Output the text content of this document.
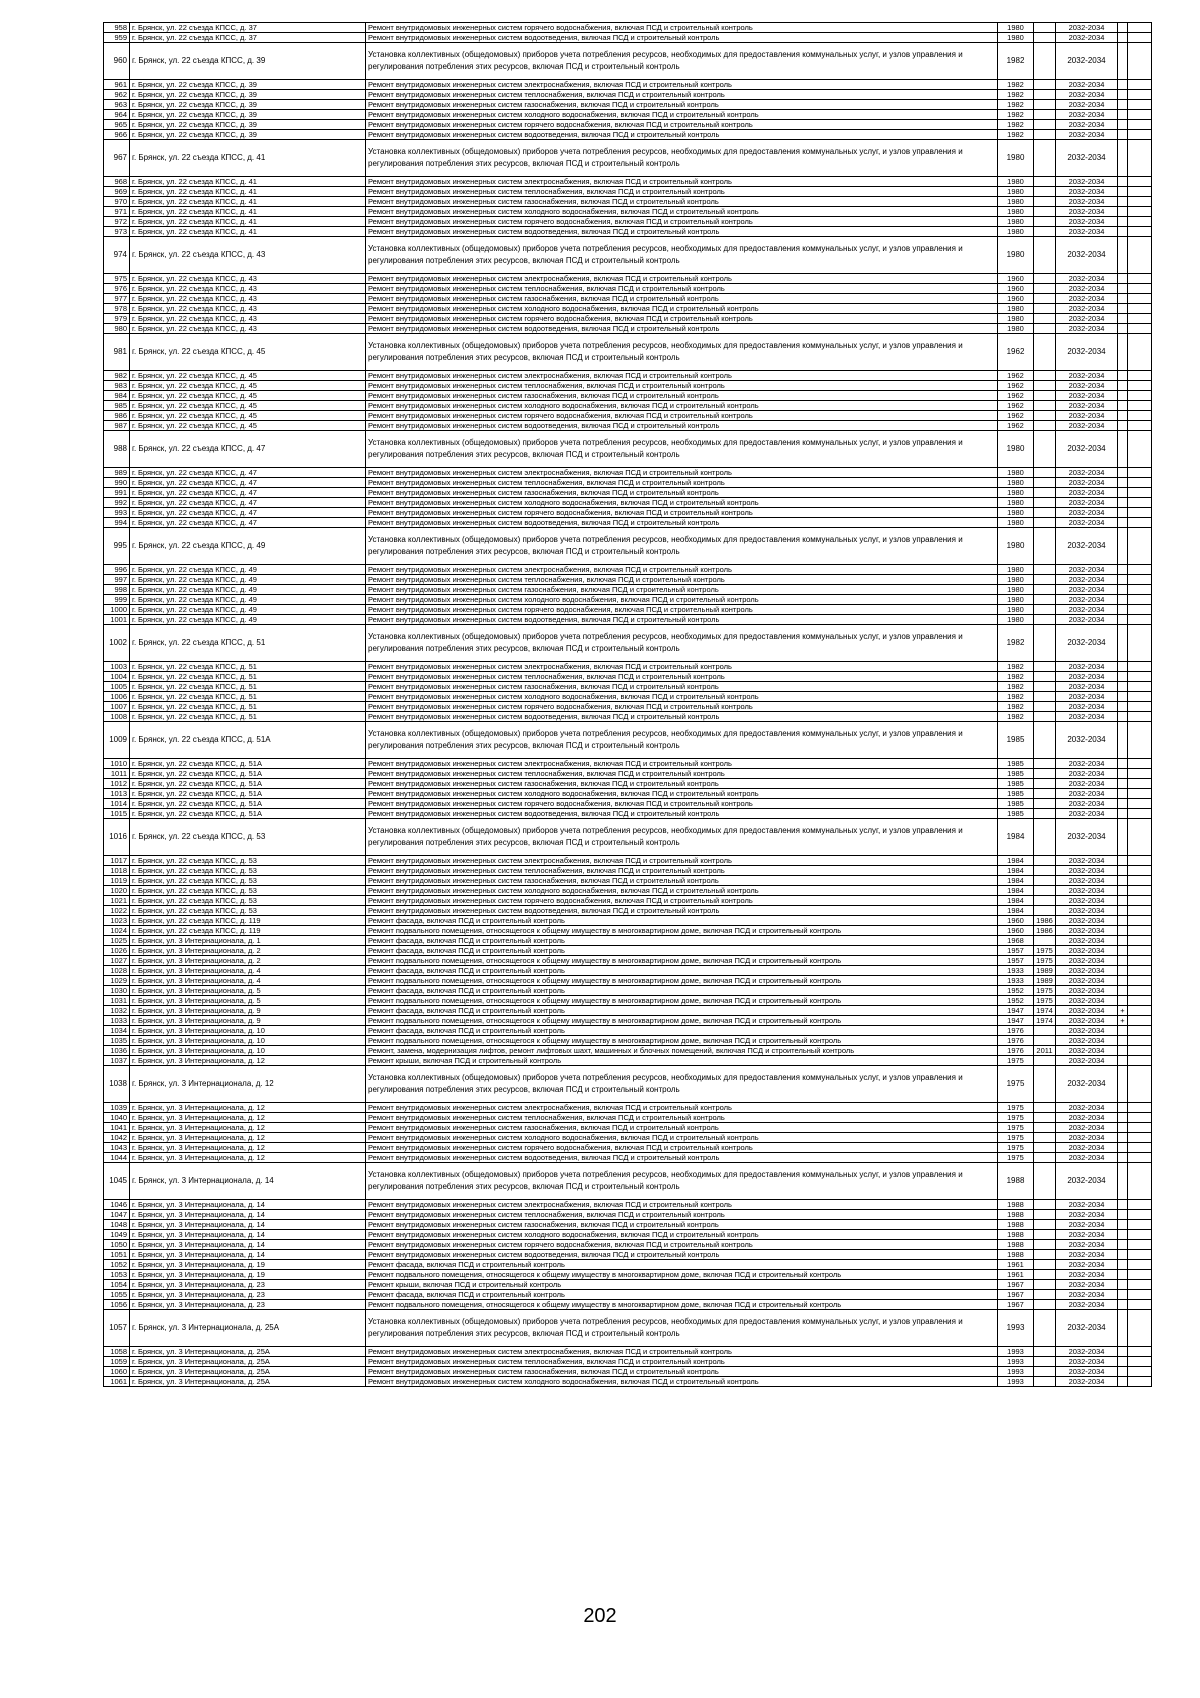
958	г. Брянск, ул. 22 съезда КПСС, д. 37	Ремонт внутридомовых инженерных систем горячего водоснабжения, включая ПСД и строительный контроль	1980		2032-2034		
959	г. Брянск, ул. 22 съезда КПСС, д. 37	Ремонт внутридомовых инженерных систем водоотведения, включая ПСД и строительный контроль	1980		2032-2034		
960	г. Брянск, ул. 22 съезда КПСС, д. 39	Установка коллективных (общедомовых) приборов учета потребления ресурсов, необходимых для предоставления коммунальных услуг, и узлов управления и регулирования потребления этих ресурсов, включая ПСД и строительный контроль	1982		2032-2034		
961	г. Брянск, ул. 22 съезда КПСС, д. 39	Ремонт внутридомовых инженерных систем электроснабжения, включая ПСД и строительный контроль	1982		2032-2034		
962	г. Брянск, ул. 22 съезда КПСС, д. 39	Ремонт внутридомовых инженерных систем теплоснабжения, включая ПСД и строительный контроль	1982		2032-2034		
963	г. Брянск, ул. 22 съезда КПСС, д. 39	Ремонт внутридомовых инженерных систем газоснабжения, включая ПСД и строительный контроль	1982		2032-2034		
964	г. Брянск, ул. 22 съезда КПСС, д. 39	Ремонт внутридомовых инженерных систем холодного водоснабжения, включая ПСД и строительный контроль	1982		2032-2034		
965	г. Брянск, ул. 22 съезда КПСС, д. 39	Ремонт внутридомовых инженерных систем горячего водоснабжения, включая ПСД и строительный контроль	1982		2032-2034		
966	г. Брянск, ул. 22 съезда КПСС, д. 39	Ремонт внутридомовых инженерных систем водоотведения, включая ПСД и строительный контроль	1982		2032-2034		
967	г. Брянск, ул. 22 съезда КПСС, д. 41	Установка коллективных (общедомовых) приборов учета потребления ресурсов, необходимых для предоставления коммунальных услуг, и узлов управления и регулирования потребления этих ресурсов, включая ПСД и строительный контроль	1980		2032-2034		
968	г. Брянск, ул. 22 съезда КПСС, д. 41	Ремонт внутридомовых инженерных систем электроснабжения, включая ПСД и строительный контроль	1980		2032-2034		
969	г. Брянск, ул. 22 съезда КПСС, д. 41	Ремонт внутридомовых инженерных систем теплоснабжения, включая ПСД и строительный контроль	1980		2032-2034		
970	г. Брянск, ул. 22 съезда КПСС, д. 41	Ремонт внутридомовых инженерных систем газоснабжения, включая ПСД и строительный контроль	1980		2032-2034		
971	г. Брянск, ул. 22 съезда КПСС, д. 41	Ремонт внутридомовых инженерных систем холодного водоснабжения, включая ПСД и строительный контроль	1980		2032-2034		
972	г. Брянск, ул. 22 съезда КПСС, д. 41	Ремонт внутридомовых инженерных систем горячего водоснабжения, включая ПСД и строительный контроль	1980		2032-2034		
973	г. Брянск, ул. 22 съезда КПСС, д. 41	Ремонт внутридомовых инженерных систем водоотведения, включая ПСД и строительный контроль	1980		2032-2034		
974	г. Брянск, ул. 22 съезда КПСС, д. 43	Установка коллективных (общедомовых) приборов учета потребления ресурсов, необходимых для предоставления коммунальных услуг, и узлов управления и регулирования потребления этих ресурсов, включая ПСД и строительный контроль	1980		2032-2034		
975	г. Брянск, ул. 22 съезда КПСС, д. 43	Ремонт внутридомовых инженерных систем электроснабжения, включая ПСД и строительный контроль	1960		2032-2034		
976	г. Брянск, ул. 22 съезда КПСС, д. 43	Ремонт внутридомовых инженерных систем теплоснабжения, включая ПСД и строительный контроль	1960		2032-2034		
977	г. Брянск, ул. 22 съезда КПСС, д. 43	Ремонт внутридомовых инженерных систем газоснабжения, включая ПСД и строительный контроль	1960		2032-2034		
978	г. Брянск, ул. 22 съезда КПСС, д. 43	Ремонт внутридомовых инженерных систем холодного водоснабжения, включая ПСД и строительный контроль	1980		2032-2034		
979	г. Брянск, ул. 22 съезда КПСС, д. 43	Ремонт внутридомовых инженерных систем горячего водоснабжения, включая ПСД и строительный контроль	1980		2032-2034		
980	г. Брянск, ул. 22 съезда КПСС, д. 43	Ремонт внутридомовых инженерных систем водоотведения, включая ПСД и строительный контроль	1980		2032-2034		
981	г. Брянск, ул. 22 съезда КПСС, д. 45	Установка коллективных (общедомовых) приборов учета потребления ресурсов, необходимых для предоставления коммунальных услуг, и узлов управления и регулирования потребления этих ресурсов, включая ПСД и строительный контроль	1962		2032-2034		
982	г. Брянск, ул. 22 съезда КПСС, д. 45	Ремонт внутридомовых инженерных систем электроснабжения, включая ПСД и строительный контроль	1962		2032-2034		
983	г. Брянск, ул. 22 съезда КПСС, д. 45	Ремонт внутридомовых инженерных систем теплоснабжения, включая ПСД и строительный контроль	1962		2032-2034		
984	г. Брянск, ул. 22 съезда КПСС, д. 45	Ремонт внутридомовых инженерных систем газоснабжения, включая ПСД и строительный контроль	1962		2032-2034		
985	г. Брянск, ул. 22 съезда КПСС, д. 45	Ремонт внутридомовых инженерных систем холодного водоснабжения, включая ПСД и строительный контроль	1962		2032-2034		
986	г. Брянск, ул. 22 съезда КПСС, д. 45	Ремонт внутридомовых инженерных систем горячего водоснабжения, включая ПСД и строительный контроль	1962		2032-2034		
987	г. Брянск, ул. 22 съезда КПСС, д. 45	Ремонт внутридомовых инженерных систем водоотведения, включая ПСД и строительный контроль	1962		2032-2034		
988	г. Брянск, ул. 22 съезда КПСС, д. 47	Установка коллективных (общедомовых) приборов учета потребления ресурсов, необходимых для предоставления коммунальных услуг, и узлов управления и регулирования потребления этих ресурсов, включая ПСД и строительный контроль	1980		2032-2034		
989	г. Брянск, ул. 22 съезда КПСС, д. 47	Ремонт внутридомовых инженерных систем электроснабжения, включая ПСД и строительный контроль	1980		2032-2034		
990	г. Брянск, ул. 22 съезда КПСС, д. 47	Ремонт внутридомовых инженерных систем теплоснабжения, включая ПСД и строительный контроль	1980		2032-2034		
991	г. Брянск, ул. 22 съезда КПСС, д. 47	Ремонт внутридомовых инженерных систем газоснабжения, включая ПСД и строительный контроль	1980		2032-2034		
992	г. Брянск, ул. 22 съезда КПСС, д. 47	Ремонт внутридомовых инженерных систем холодного водоснабжения, включая ПСД и строительный контроль	1980		2032-2034		
993	г. Брянск, ул. 22 съезда КПСС, д. 47	Ремонт внутридомовых инженерных систем горячего водоснабжения, включая ПСД и строительный контроль	1980		2032-2034		
994	г. Брянск, ул. 22 съезда КПСС, д. 47	Ремонт внутридомовых инженерных систем водоотведения, включая ПСД и строительный контроль	1980		2032-2034		
995	г. Брянск, ул. 22 съезда КПСС, д. 49	Установка коллективных (общедомовых) приборов учета потребления ресурсов, необходимых для предоставления коммунальных услуг, и узлов управления и регулирования потребления этих ресурсов, включая ПСД и строительный контроль	1980		2032-2034		
996	г. Брянск, ул. 22 съезда КПСС, д. 49	Ремонт внутридомовых инженерных систем электроснабжения, включая ПСД и строительный контроль	1980		2032-2034		
997	г. Брянск, ул. 22 съезда КПСС, д. 49	Ремонт внутридомовых инженерных систем теплоснабжения, включая ПСД и строительный контроль	1980		2032-2034		
998	г. Брянск, ул. 22 съезда КПСС, д. 49	Ремонт внутридомовых инженерных систем газоснабжения, включая ПСД и строительный контроль	1980		2032-2034		
999	г. Брянск, ул. 22 съезда КПСС, д. 49	Ремонт внутридомовых инженерных систем холодного водоснабжения, включая ПСД и строительный контроль	1980		2032-2034		
1000	г. Брянск, ул. 22 съезда КПСС, д. 49	Ремонт внутридомовых инженерных систем горячего водоснабжения, включая ПСД и строительный контроль	1980		2032-2034		
1001	г. Брянск, ул. 22 съезда КПСС, д. 49	Ремонт внутридомовых инженерных систем водоотведения, включая ПСД и строительный контроль	1980		2032-2034		
1002	г. Брянск, ул. 22 съезда КПСС, д. 51	Установка коллективных (общедомовых) приборов учета потребления ресурсов, необходимых для предоставления коммунальных услуг, и узлов управления и регулирования потребления этих ресурсов, включая ПСД и строительный контроль	1982		2032-2034		
1003	г. Брянск, ул. 22 съезда КПСС, д. 51	Ремонт внутридомовых инженерных систем электроснабжения, включая ПСД и строительный контроль	1982		2032-2034		
1004	г. Брянск, ул. 22 съезда КПСС, д. 51	Ремонт внутридомовых инженерных систем теплоснабжения, включая ПСД и строительный контроль	1982		2032-2034		
1005	г. Брянск, ул. 22 съезда КПСС, д. 51	Ремонт внутридомовых инженерных систем газоснабжения, включая ПСД и строительный контроль	1982		2032-2034		
1006	г. Брянск, ул. 22 съезда КПСС, д. 51	Ремонт внутридомовых инженерных систем холодного водоснабжения, включая ПСД и строительный контроль	1982		2032-2034		
1007	г. Брянск, ул. 22 съезда КПСС, д. 51	Ремонт внутридомовых инженерных систем горячего водоснабжения, включая ПСД и строительный контроль	1982		2032-2034		
1008	г. Брянск, ул. 22 съезда КПСС, д. 51	Ремонт внутридомовых инженерных систем водоотведения, включая ПСД и строительный контроль	1982		2032-2034		
1009	г. Брянск, ул. 22 съезда КПСС, д. 51А	Установка коллективных (общедомовых) приборов учета потребления ресурсов, необходимых для предоставления коммунальных услуг, и узлов управления и регулирования потребления этих ресурсов, включая ПСД и строительный контроль	1985		2032-2034		
1010	г. Брянск, ул. 22 съезда КПСС, д. 51А	Ремонт внутридомовых инженерных систем электроснабжения, включая ПСД и строительный контроль	1985		2032-2034		
1011	г. Брянск, ул. 22 съезда КПСС, д. 51А	Ремонт внутридомовых инженерных систем теплоснабжения, включая ПСД и строительный контроль	1985		2032-2034		
1012	г. Брянск, ул. 22 съезда КПСС, д. 51А	Ремонт внутридомовых инженерных систем газоснабжения, включая ПСД и строительный контроль	1985		2032-2034		
1013	г. Брянск, ул. 22 съезда КПСС, д. 51А	Ремонт внутридомовых инженерных систем холодного водоснабжения, включая ПСД и строительный контроль	1985		2032-2034		
1014	г. Брянск, ул. 22 съезда КПСС, д. 51А	Ремонт внутридомовых инженерных систем горячего водоснабжения, включая ПСД и строительный контроль	1985		2032-2034		
1015	г. Брянск, ул. 22 съезда КПСС, д. 51А	Ремонт внутридомовых инженерных систем водоотведения, включая ПСД и строительный контроль	1985		2032-2034		
1016	г. Брянск, ул. 22 съезда КПСС, д. 53	Установка коллективных (общедомовых) приборов учета потребления ресурсов, необходимых для предоставления коммунальных услуг, и узлов управления и регулирования потребления этих ресурсов, включая ПСД и строительный контроль	1984		2032-2034		
1017	г. Брянск, ул. 22 съезда КПСС, д. 53	Ремонт внутридомовых инженерных систем электроснабжения, включая ПСД и строительный контроль	1984		2032-2034		
1018	г. Брянск, ул. 22 съезда КПСС, д. 53	Ремонт внутридомовых инженерных систем теплоснабжения, включая ПСД и строительный контроль	1984		2032-2034		
1019	г. Брянск, ул. 22 съезда КПСС, д. 53	Ремонт внутридомовых инженерных систем газоснабжения, включая ПСД и строительный контроль	1984		2032-2034		
1020	г. Брянск, ул. 22 съезда КПСС, д. 53	Ремонт внутридомовых инженерных систем холодного водоснабжения, включая ПСД и строительный контроль	1984		2032-2034		
1021	г. Брянск, ул. 22 съезда КПСС, д. 53	Ремонт внутридомовых инженерных систем горячего водоснабжения, включая ПСД и строительный контроль	1984		2032-2034		
1022	г. Брянск, ул. 22 съезда КПСС, д. 53	Ремонт внутридомовых инженерных систем водоотведения, включая ПСД и строительный контроль	1984		2032-2034		
1023	г. Брянск, ул. 22 съезда КПСС, д. 119	Ремонт фасада, включая ПСД и строительный контроль	1960	1986	2032-2034		
1024	г. Брянск, ул. 22 съезда КПСС, д. 119	Ремонт подвального помещения, относящегося к общему имуществу в многоквартирном доме, включая ПСД и строительный контроль	1960	1986	2032-2034		
1025	г. Брянск, ул. 3 Интернационала, д. 1	Ремонт фасада, включая ПСД и строительный контроль	1968		2032-2034		
1026	г. Брянск, ул. 3 Интернационала, д. 2	Ремонт фасада, включая ПСД и строительный контроль	1957	1975	2032-2034		
1027	г. Брянск, ул. 3 Интернационала, д. 2	Ремонт подвального помещения, относящегося к общему имуществу в многоквартирном доме, включая ПСД и строительный контроль	1957	1975	2032-2034		
1028	г. Брянск, ул. 3 Интернационала, д. 4	Ремонт фасада, включая ПСД и строительный контроль	1933	1989	2032-2034		
1029	г. Брянск, ул. 3 Интернационала, д. 4	Ремонт подвального помещения, относящегося к общему имуществу в многоквартирном доме, включая ПСД и строительный контроль	1933	1989	2032-2034		
1030	г. Брянск, ул. 3 Интернационала, д. 5	Ремонт фасада, включая ПСД и строительный контроль	1952	1975	2032-2034		
1031	г. Брянск, ул. 3 Интернационала, д. 5	Ремонт подвального помещения, относящегося к общему имуществу в многоквартирном доме, включая ПСД и строительный контроль	1952	1975	2032-2034		
1032	г. Брянск, ул. 3 Интернационала, д. 9	Ремонт фасада, включая ПСД и строительный контроль	1947	1974	2032-2034	+	
1033	г. Брянск, ул. 3 Интернационала, д. 9	Ремонт подвального помещения, относящегося к общему имуществу в многоквартирном доме, включая ПСД и строительный контроль	1947	1974	2032-2034	+	
1034	г. Брянск, ул. 3 Интернационала, д. 10	Ремонт фасада, включая ПСД и строительный контроль	1976		2032-2034		
1035	г. Брянск, ул. 3 Интернационала, д. 10	Ремонт подвального помещения, относящегося к общему имуществу в многоквартирном доме, включая ПСД и строительный контроль	1976		2032-2034		
1036	г. Брянск, ул. 3 Интернационала, д. 10	Ремонт, замена, модернизация лифтов, ремонт лифтовых шахт, машинных и блочных помещений, включая ПСД и строительный контроль	1976	2011	2032-2034		
1037	г. Брянск, ул. 3 Интернационала, д. 12	Ремонт крыши, включая ПСД и строительный контроль	1975		2032-2034		
1038	г. Брянск, ул. 3 Интернационала, д. 12	Установка коллективных (общедомовых) приборов учета потребления ресурсов, необходимых для предоставления коммунальных услуг, и узлов управления и регулирования потребления этих ресурсов, включая ПСД и строительный контроль	1975		2032-2034		
1039	г. Брянск, ул. 3 Интернационала, д. 12	Ремонт внутридомовых инженерных систем электроснабжения, включая ПСД и строительный контроль	1975		2032-2034		
1040	г. Брянск, ул. 3 Интернационала, д. 12	Ремонт внутридомовых инженерных систем теплоснабжения, включая ПСД и строительный контроль	1975		2032-2034		
1041	г. Брянск, ул. 3 Интернационала, д. 12	Ремонт внутридомовых инженерных систем газоснабжения, включая ПСД и строительный контроль	1975		2032-2034		
1042	г. Брянск, ул. 3 Интернационала, д. 12	Ремонт внутридомовых инженерных систем холодного водоснабжения, включая ПСД и строительный контроль	1975		2032-2034		
1043	г. Брянск, ул. 3 Интернационала, д. 12	Ремонт внутридомовых инженерных систем горячего водоснабжения, включая ПСД и строительный контроль	1975		2032-2034		
1044	г. Брянск, ул. 3 Интернационала, д. 12	Ремонт внутридомовых инженерных систем водоотведения, включая ПСД и строительный контроль	1975		2032-2034		
1045	г. Брянск, ул. 3 Интернационала, д. 14	Установка коллективных (общедомовых) приборов учета потребления ресурсов, необходимых для предоставления коммунальных услуг, и узлов управления и регулирования потребления этих ресурсов, включая ПСД и строительный контроль	1988		2032-2034		
1046	г. Брянск, ул. 3 Интернационала, д. 14	Ремонт внутридомовых инженерных систем электроснабжения, включая ПСД и строительный контроль	1988		2032-2034		
1047	г. Брянск, ул. 3 Интернационала, д. 14	Ремонт внутридомовых инженерных систем теплоснабжения, включая ПСД и строительный контроль	1988		2032-2034		
1048	г. Брянск, ул. 3 Интернационала, д. 14	Ремонт внутридомовых инженерных систем газоснабжения, включая ПСД и строительный контроль	1988		2032-2034		
1049	г. Брянск, ул. 3 Интернационала, д. 14	Ремонт внутридомовых инженерных систем холодного водоснабжения, включая ПСД и строительный контроль	1988		2032-2034		
1050	г. Брянск, ул. 3 Интернационала, д. 14	Ремонт внутридомовых инженерных систем горячего водоснабжения, включая ПСД и строительный контроль	1988		2032-2034		
1051	г. Брянск, ул. 3 Интернационала, д. 14	Ремонт внутридомовых инженерных систем водоотведения, включая ПСД и строительный контроль	1988		2032-2034		
1052	г. Брянск, ул. 3 Интернационала, д. 19	Ремонт фасада, включая ПСД и строительный контроль	1961		2032-2034		
1053	г. Брянск, ул. 3 Интернационала, д. 19	Ремонт подвального помещения, относящегося к общему имуществу в многоквартирном доме, включая ПСД и строительный контроль	1961		2032-2034		
1054	г. Брянск, ул. 3 Интернационала, д. 23	Ремонт крыши, включая ПСД и строительный контроль	1967		2032-2034		
1055	г. Брянск, ул. 3 Интернационала, д. 23	Ремонт фасада, включая ПСД и строительный контроль	1967		2032-2034		
1056	г. Брянск, ул. 3 Интернационала, д. 23	Ремонт подвального помещения, относящегося к общему имуществу в многоквартирном доме, включая ПСД и строительный контроль	1967		2032-2034		
1057	г. Брянск, ул. 3 Интернационала, д. 25А	Установка коллективных (общедомовых) приборов учета потребления ресурсов, необходимых для предоставления коммунальных услуг, и узлов управления и регулирования потребления этих ресурсов, включая ПСД и строительный контроль	1993		2032-2034		
1058	г. Брянск, ул. 3 Интернационала, д. 25А	Ремонт внутридомовых инженерных систем электроснабжения, включая ПСД и строительный контроль	1993		2032-2034		
1059	г. Брянск, ул. 3 Интернационала, д. 25А	Ремонт внутридомовых инженерных систем теплоснабжения, включая ПСД и строительный контроль	1993		2032-2034		
1060	г. Брянск, ул. 3 Интернационала, д. 25А	Ремонт внутридомовых инженерных систем газоснабжения, включая ПСД и строительный контроль	1993		2032-2034		
1061	г. Брянск, ул. 3 Интернационала, д. 25А	Ремонт внутридомовых инженерных систем холодного водоснабжения, включая ПСД и строительный контроль	1993		2032-2034		
202
